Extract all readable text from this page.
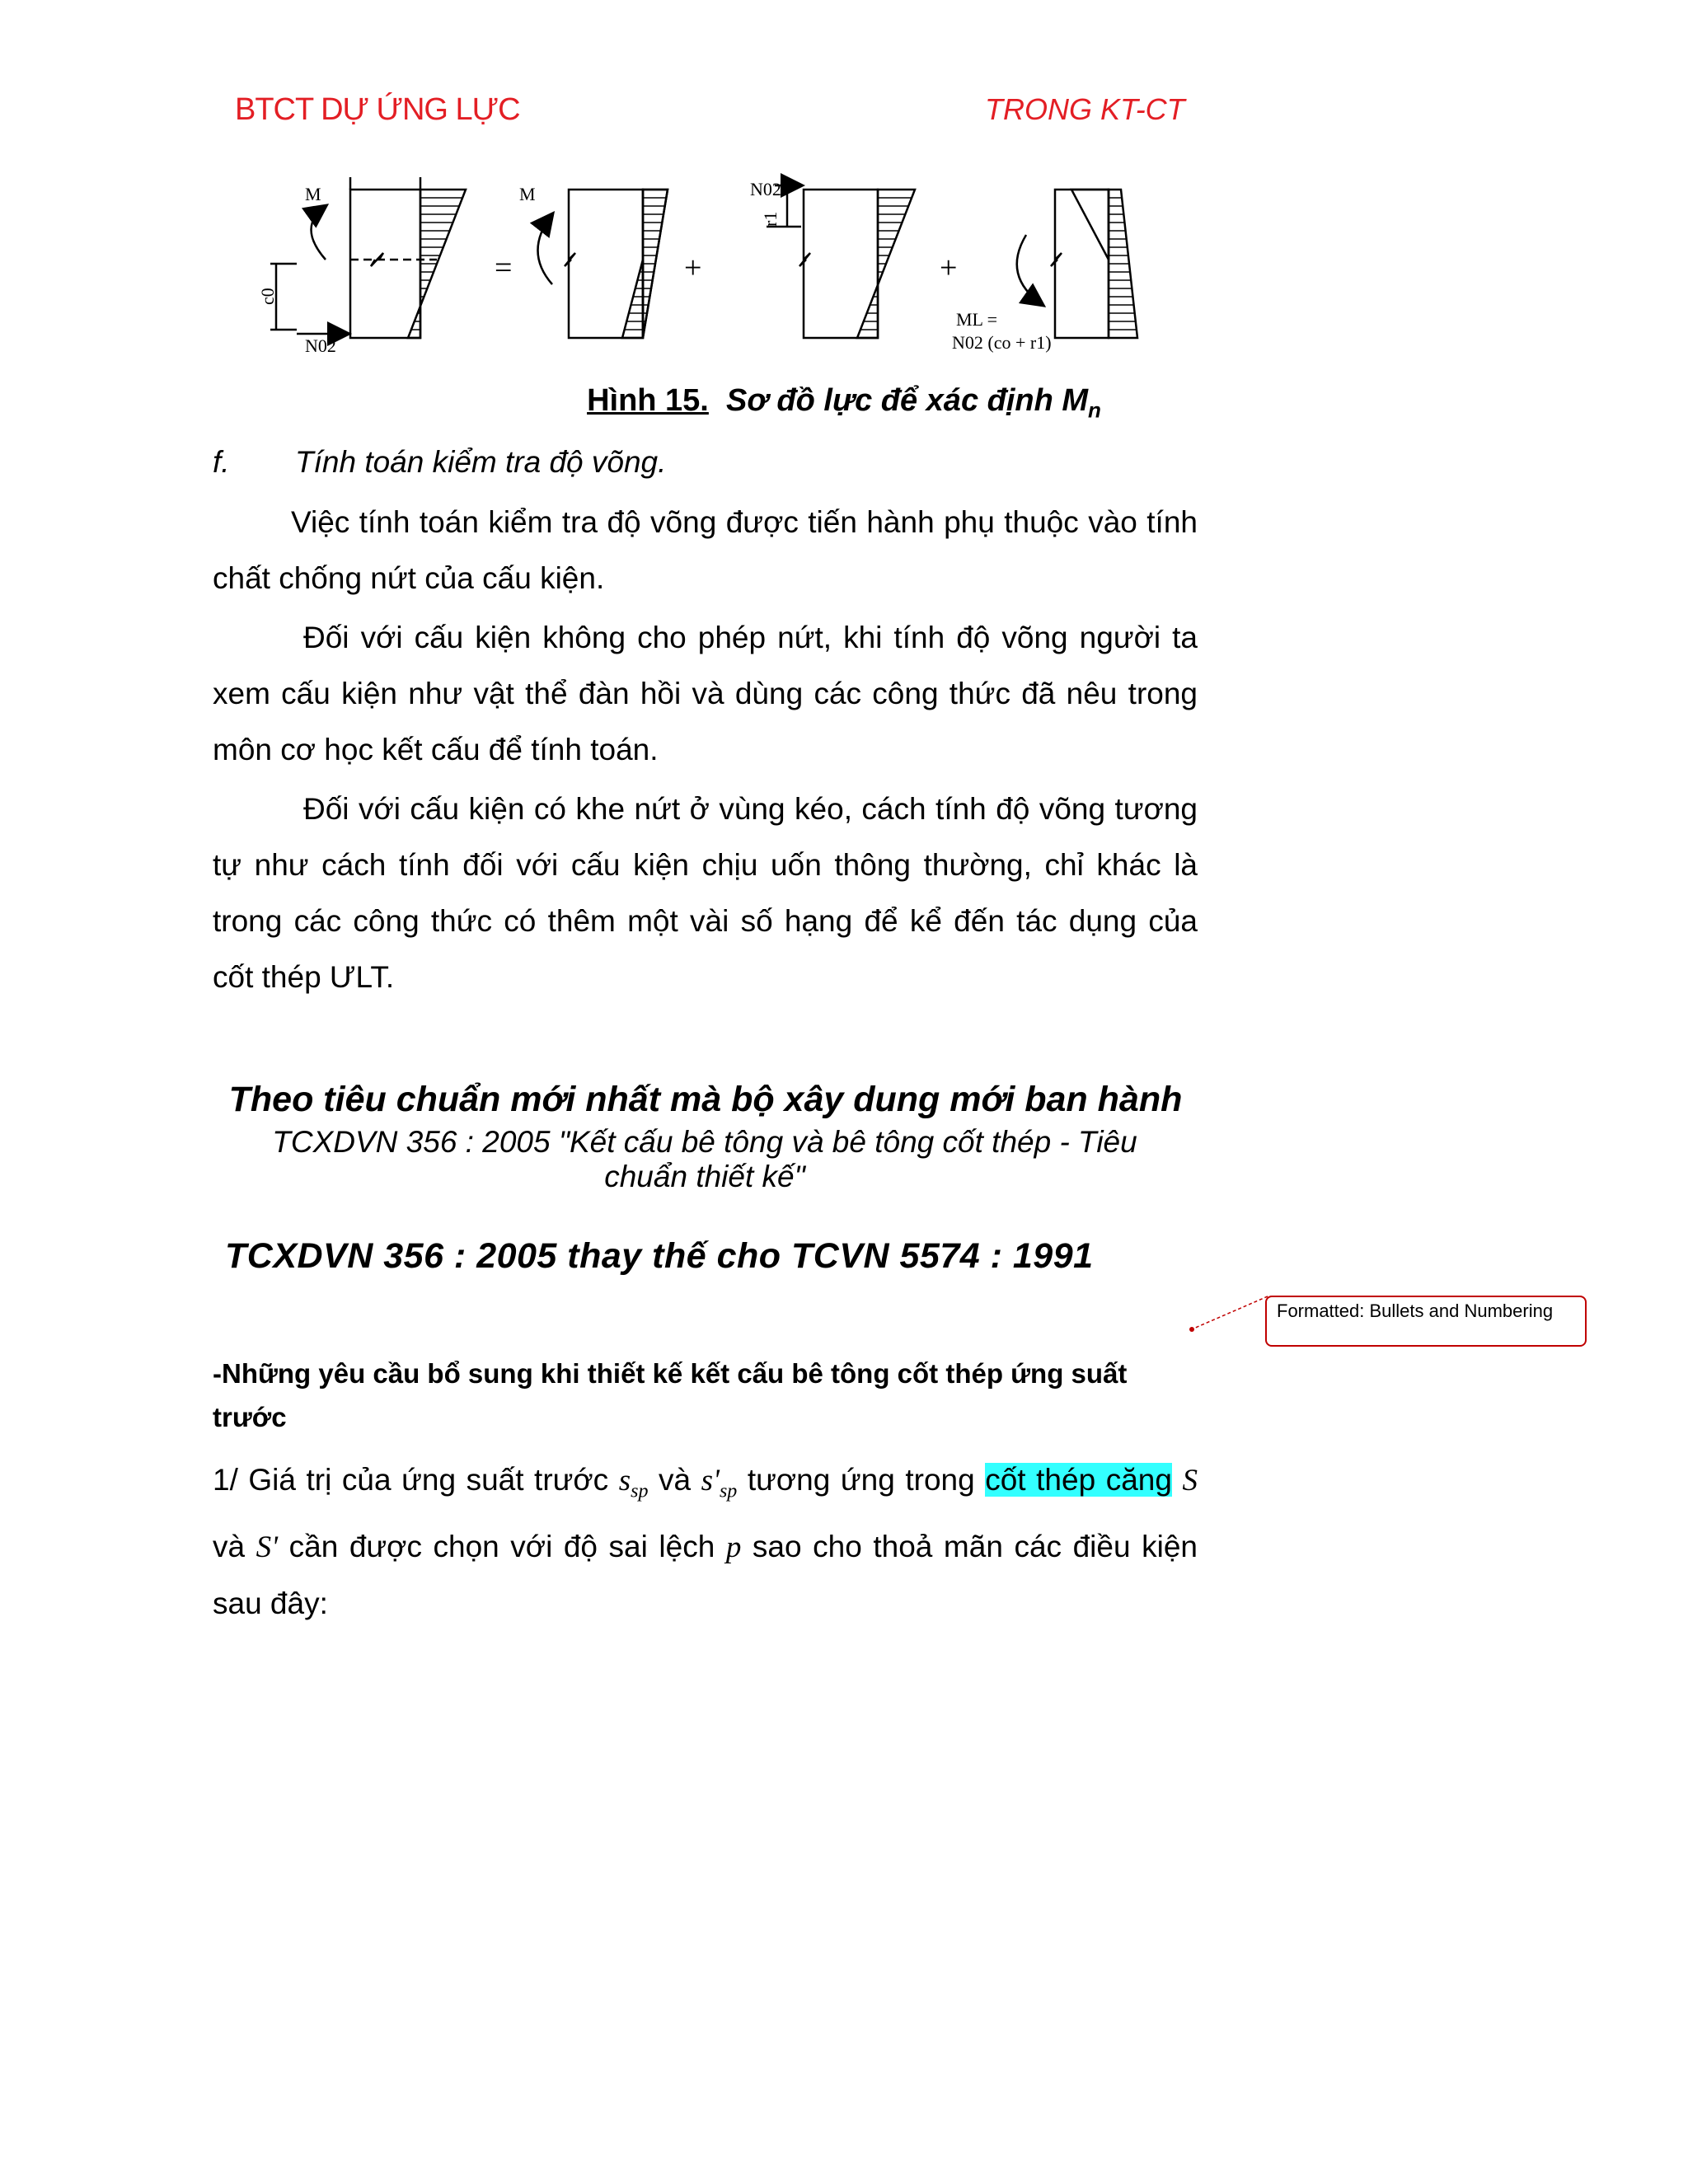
BTCT DỰ ỨNG LỰC	TRONG KT-CT
M
c0
N02
M
=
N02
r1
+	+
ML =
N02 (co + r1)
Hình 15. Sơ đồ lực để xác định $M_n$
f. Tính toán kiểm tra độ võng.
Việc tính toán kiểm tra độ võng được tiến hành phụ thuộc vào tính chất chống nứt của cấu kiện.
Đối với cấu kiện không cho phép nứt, khi tính độ võng người ta xem cấu kiện như vật thể đàn hồi và dùng các công thức đã nêu trong môn cơ học kết cấu để tính toán.
Đối với cấu kiện có khe nứt ở vùng kéo, cách tính độ võng tương tự như cách tính đối với cấu kiện chịu uốn thông thường, chỉ khác là trong các công thức có thêm một vài số hạng để kể đến tác dụng của cốt thép ƯLT.
Theo tiêu chuẩn mới nhất mà bộ xây dung mới ban hành
TCXDVN 356 : 2005 "Kết cấu bê tông và bê tông cốt thép - Tiêu chuẩn thiết kế"
TCXDVN 356 : 2005 thay thế cho TCVN 5574 : 1991
Formatted: Bullets and Numbering
-Những yêu cầu bổ sung khi thiết kế kết cấu bê tông cốt thép ứng suất trước
1/ Giá trị của ứng suất trước $s_{sp}$ và $s'_{sp}$ tương ứng trong cốt thép căng S và S' cần được chọn với độ sai lệch p sao cho thoả mãn các điều kiện sau đây:
